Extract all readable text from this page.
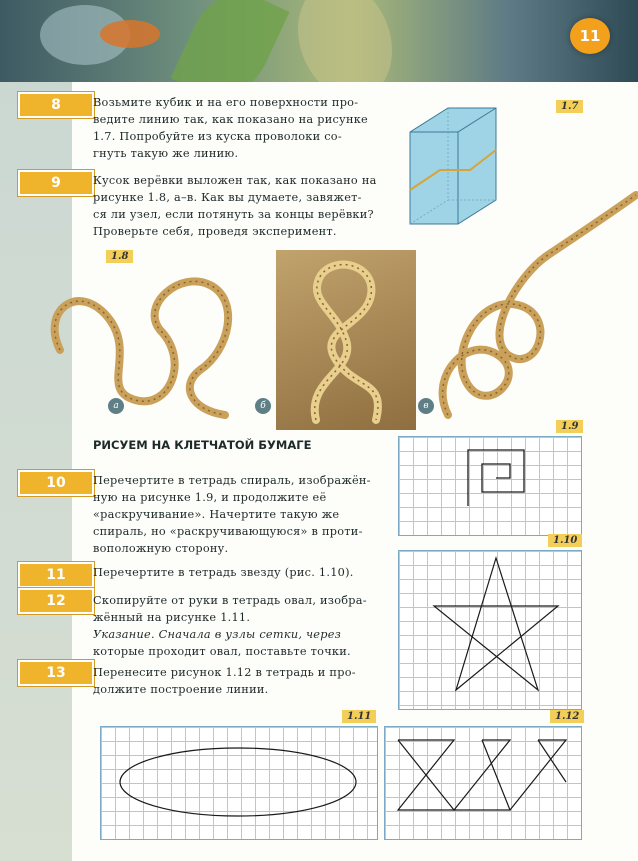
11
8	Возьмите кубик и на его поверхности про-
ведите линию так, как показано на рисунке
1.7. Попробуйте из куска проволоки со-
гнуть такую же линию.
9	Кусок верёвки выложен так, как показано на
рисунке 1.8, а–в. Как вы думаете, завяжет-
ся ли узел, если потянуть за концы верёвки?
Проверьте себя, проведя эксперимент.
1.7
1.8
а	б	в
РИСУЕМ НА КЛЕТЧАТОЙ БУМАГЕ
10	Перечертите в тетрадь спираль, изображён-
ную на рисунке 1.9, и продолжите её
«раскручивание». Начертите такую же
спираль, но «раскручивающуюся» в проти-
воположную сторону.
1.9
11	Перечертите в тетрадь звезду (рис. 1.10).
12	Скопируйте от руки в тетрадь овал, изобра-
жённый на рисунке 1.11.
Указание. Сначала в узлы сетки, через
которые проходит овал, поставьте точки.
1.10
13	Перенесите рисунок 1.12 в тетрадь и про-
должите построение линии.
1.11	1.12
